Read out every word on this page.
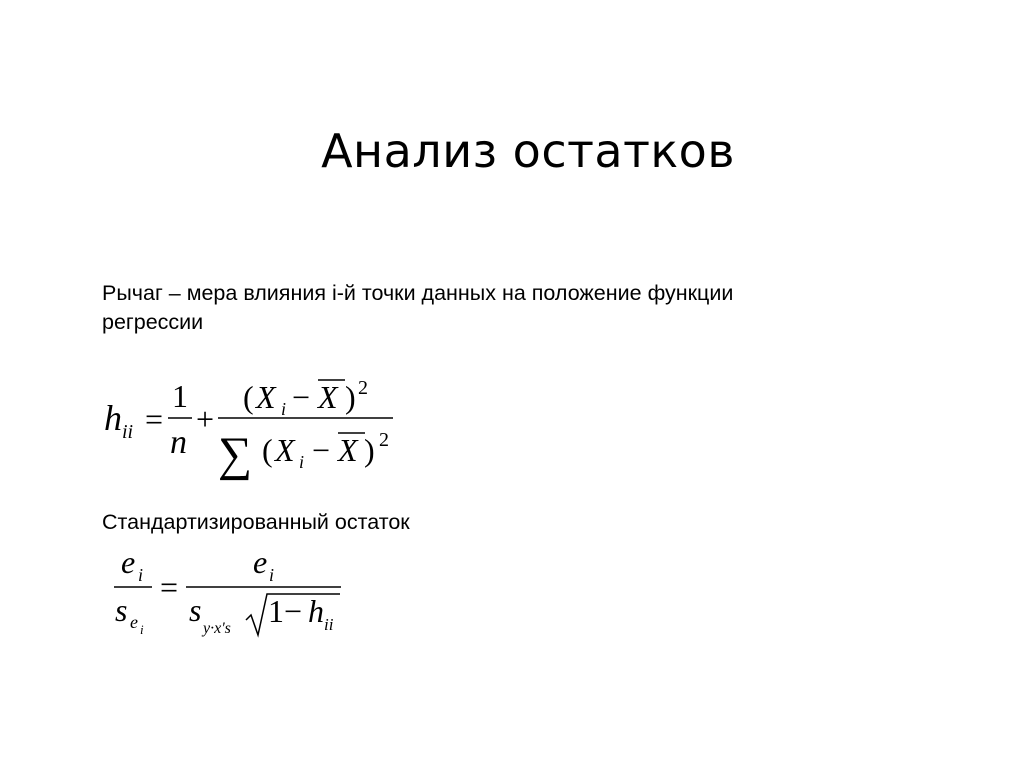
Анализ остатков
Рычаг – мера влияния i-й точки данных на положение функции
регрессии
Стандартизированный остаток
h ii =
1
n
+
( X i − X ) 2
∑ ( X i − X ) 2
e i
s e i
=
e i
s
y·x's 1 − h ii
